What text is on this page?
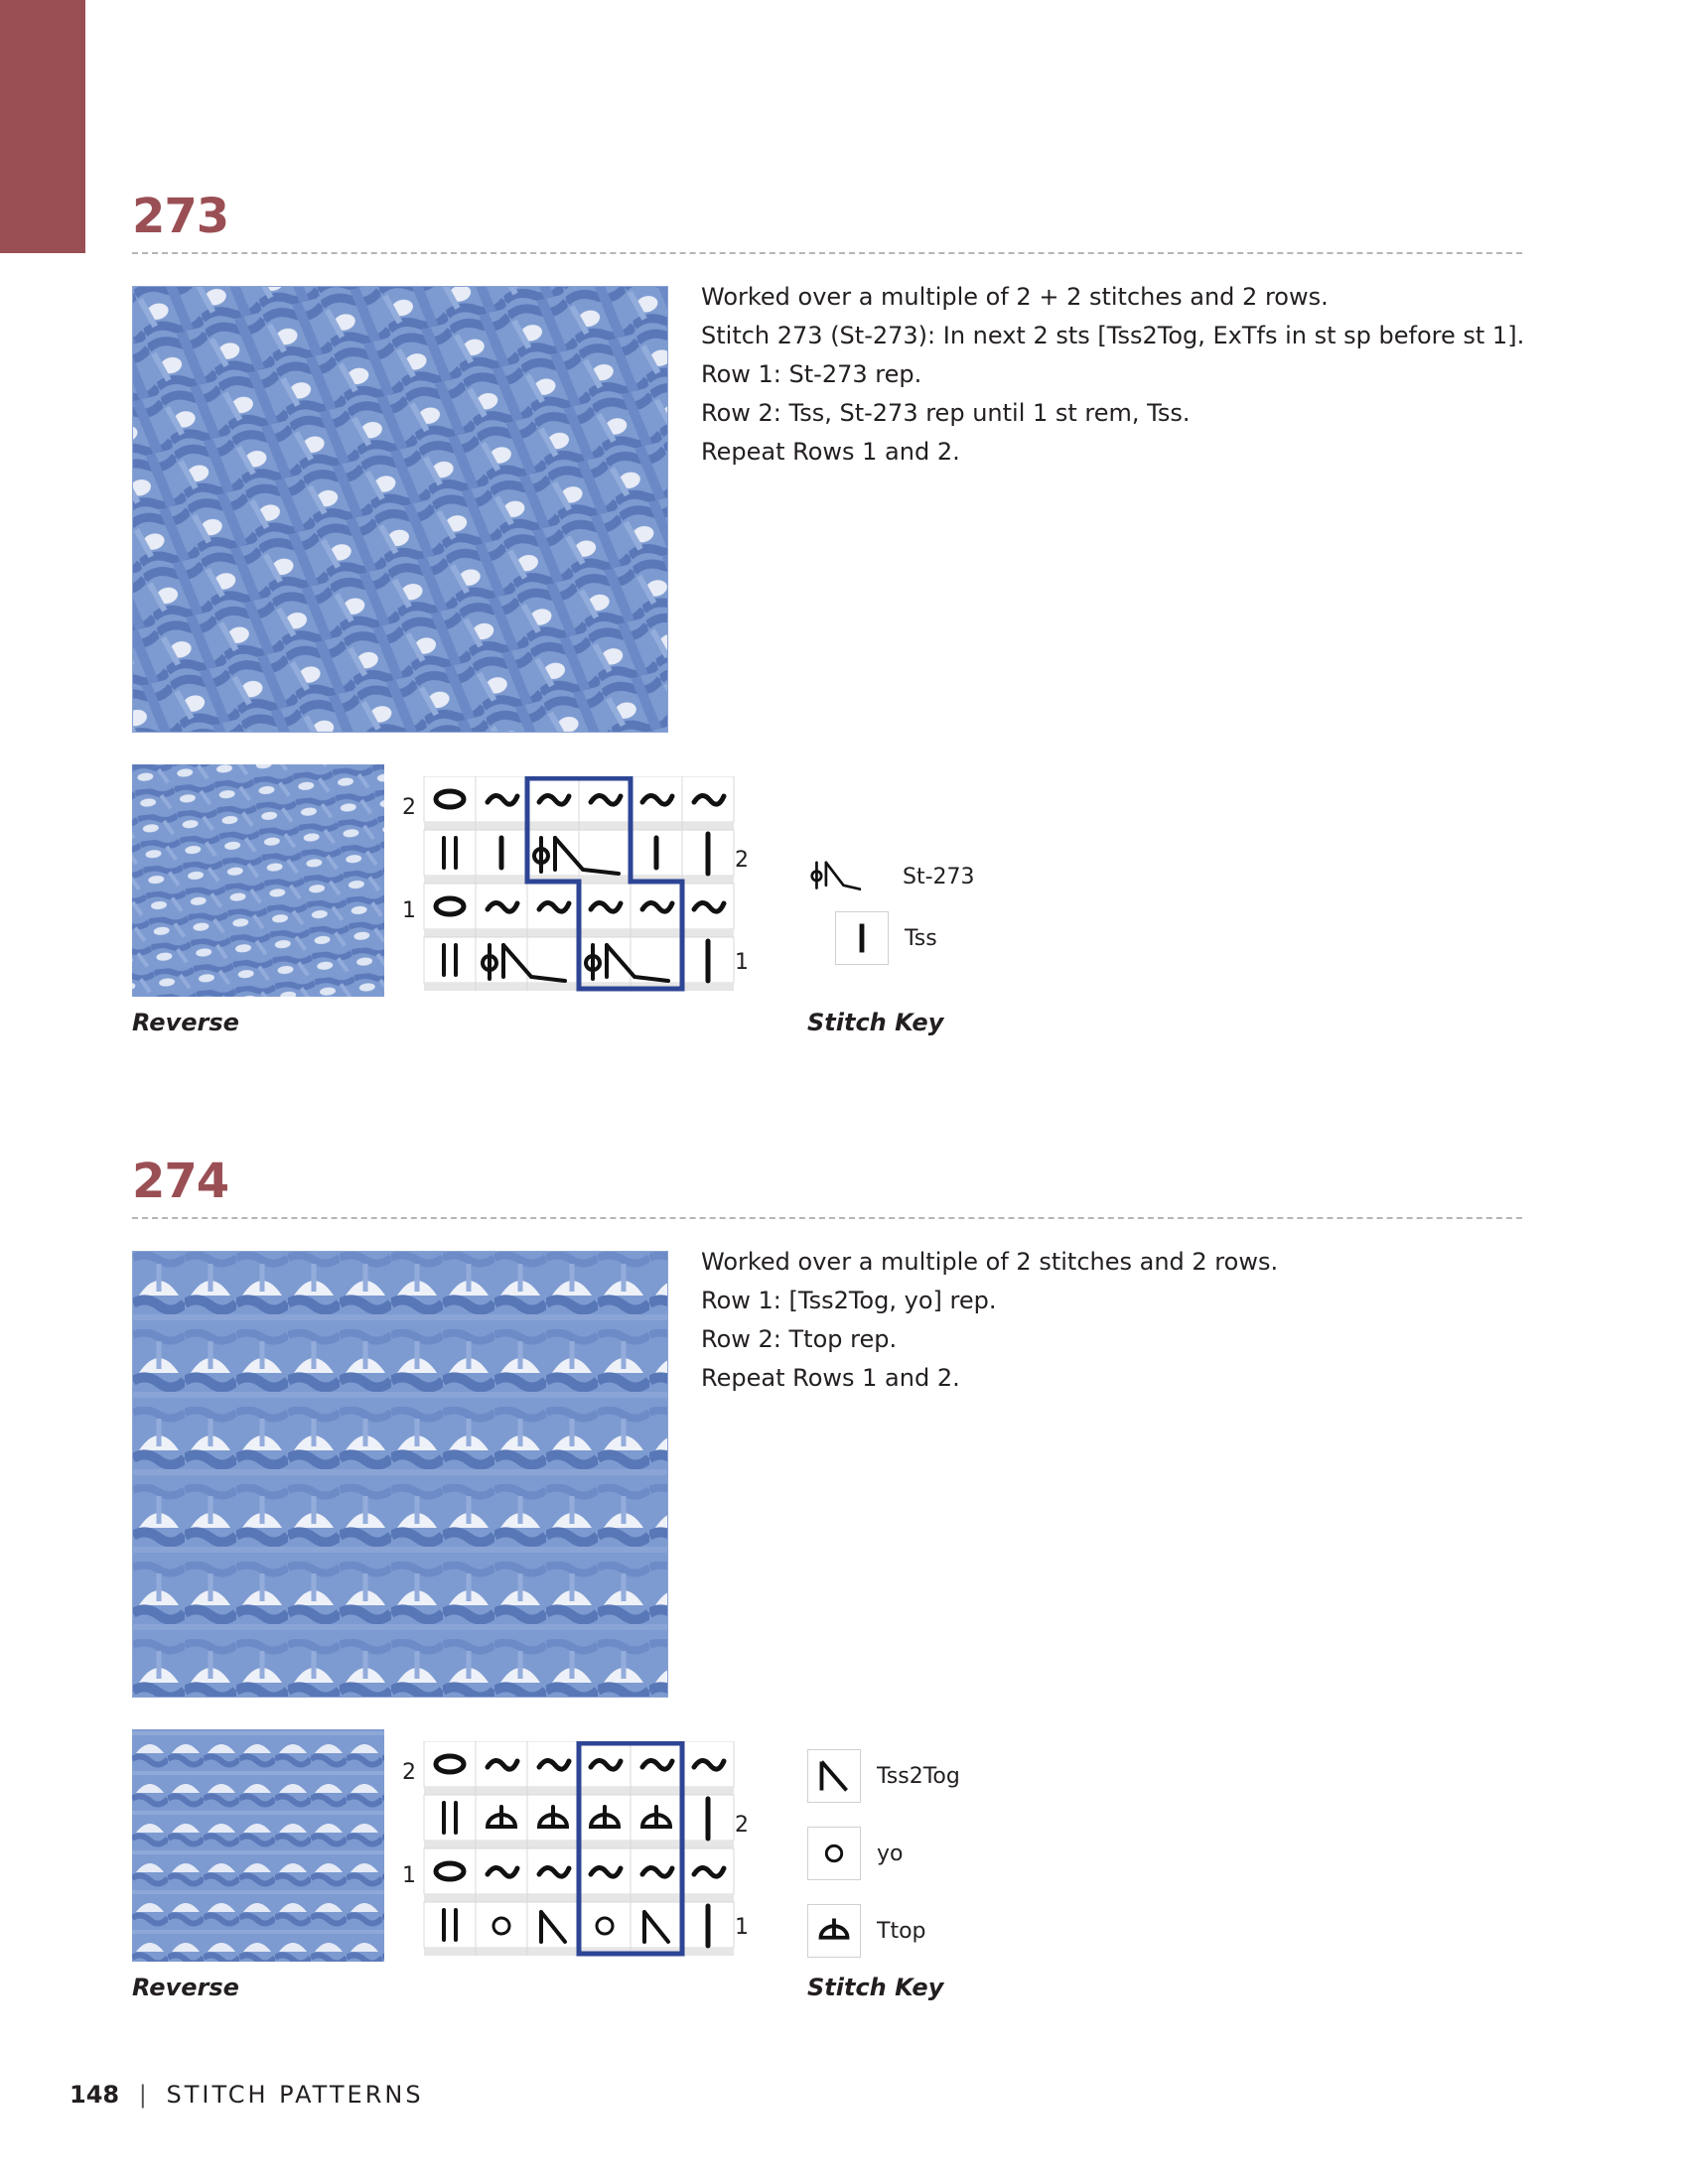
273

Worked over a multiple of 2 + 2 stitches and 2 rows.

Stitch 273 (St-273): In next 2 sts [Tss2Tog, ExTfs in st sp before st 1].

Row 1: St-273 rep.

Row 2: Tss, St-273 rep until 1 st rem, Tss.

Repeat Rows 1 and 2.

Reverse
2
1
2
1
St-273
Tss
Stitch Key
274

Worked over a multiple of 2 stitches and 2 rows.

Row 1: [Tss2Tog, yo] rep.

Row 2: Ttop rep.

Repeat Rows 1 and 2.

Reverse
2
1
2
1
Tss2Tog
yo
Ttop
Stitch Key
148 | STITCH PATTERNS
